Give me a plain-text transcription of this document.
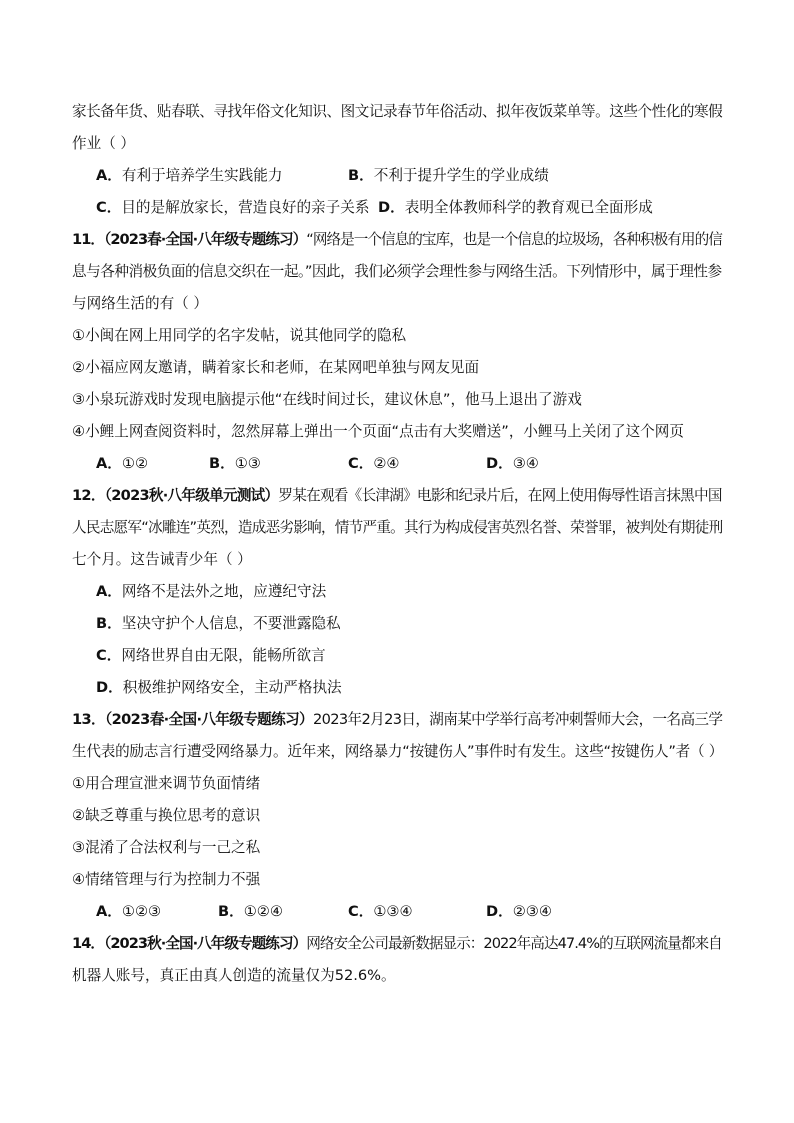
家长备年货、贴春联、寻找年俗文化知识、图文记录春节年俗活动、拟年夜饭菜单等。这些个性化的寒假
作业（ ）
A．有利于培养学生实践能力	B．不利于提升学生的学业成绩
C．目的是解放家长，营造良好的亲子关系 D．表明全体教师科学的教育观已全面形成
11．（2023春·全国·八年级专题练习）“网络是一个信息的宝库，也是一个信息的垃圾场，各种积极有用的信
息与各种消极负面的信息交织在一起。”因此，我们必须学会理性参与网络生活。下列情形中，属于理性参
与网络生活的有（ ）
①小闽在网上用同学的名字发帖，说其他同学的隐私
②小福应网友邀请，瞒着家长和老师，在某网吧单独与网友见面
③小泉玩游戏时发现电脑提示他“在线时间过长，建议休息”，他马上退出了游戏
④小鲤上网查阅资料时，忽然屏幕上弹出一个页面“点击有大奖赠送”，小鲤马上关闭了这个网页
A．①②	B．①③	C．②④	D．③④
12．（2023秋·八年级单元测试）罗某在观看《长津湖》电影和纪录片后，在网上使用侮辱性语言抹黑中国
人民志愿军“冰雕连”英烈，造成恶劣影响，情节严重。其行为构成侵害英烈名誉、荣誉罪，被判处有期徒刑
七个月。这告诫青少年（ ）
A．网络不是法外之地，应遵纪守法
B．坚决守护个人信息，不要泄露隐私
C．网络世界自由无限，能畅所欲言
D．积极维护网络安全，主动严格执法
13．（2023春·全国·八年级专题练习）2023年2月23日，湖南某中学举行高考冲刺誓师大会，一名高三学
生代表的励志言行遭受网络暴力。近年来，网络暴力“按键伤人”事件时有发生。这些“按键伤人”者（ ）
①用合理宣泄来调节负面情绪
②缺乏尊重与换位思考的意识
③混淆了合法权利与一己之私
④情绪管理与行为控制力不强
A．①②③	B．①②④	C．①③④	D．②③④
14．（2023秋·全国·八年级专题练习）网络安全公司最新数据显示：2022年高达47.4%的互联网流量都来自
机器人账号，真正由真人创造的流量仅为52.6%。
